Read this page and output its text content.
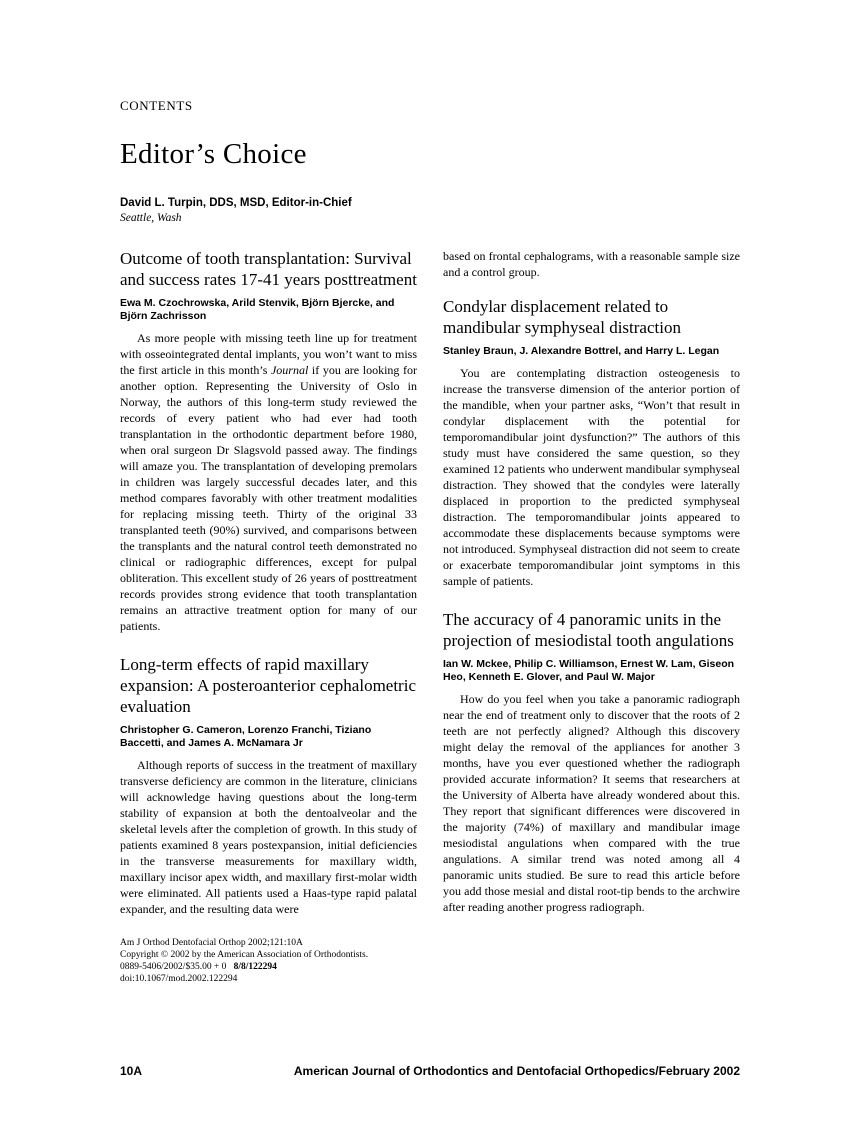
CONTENTS
Editor’s Choice
David L. Turpin, DDS, MSD, Editor-in-Chief
Seattle, Wash
Outcome of tooth transplantation: Survival and success rates 17-41 years posttreatment
Ewa M. Czochrowska, Arild Stenvik, Björn Bjercke, and Björn Zachrisson

As more people with missing teeth line up for treatment with osseointegrated dental implants, you won’t want to miss the first article in this month’s Journal if you are looking for another option. Representing the University of Oslo in Norway, the authors of this long-term study reviewed the records of every patient who had ever had tooth transplantation in the orthodontic department before 1980, when oral surgeon Dr Slagsvold passed away. The findings will amaze you. The transplantation of developing premolars in children was largely successful decades later, and this method compares favorably with other treatment modalities for replacing missing teeth. Thirty of the original 33 transplanted teeth (90%) survived, and comparisons between the transplants and the natural control teeth demonstrated no clinical or radiographic differences, except for pulpal obliteration. This excellent study of 26 years of posttreatment records provides strong evidence that tooth transplantation remains an attractive treatment option for many of our patients.

Long-term effects of rapid maxillary expansion: A posteroanterior cephalometric evaluation
Christopher G. Cameron, Lorenzo Franchi, Tiziano Baccetti, and James A. McNamara Jr

Although reports of success in the treatment of maxillary transverse deficiency are common in the literature, clinicians will acknowledge having questions about the long-term stability of expansion at both the dentoalveolar and the skeletal levels after the completion of growth. In this study of patients examined 8 years postexpansion, initial deficiencies in the transverse measurements for maxillary width, maxillary incisor apex width, and maxillary first-molar width were eliminated. All patients used a Haas-type rapid palatal expander, and the resulting data were

Am J Orthod Dentofacial Orthop 2002;121:10A
Copyright © 2002 by the American Association of Orthodontists.
0889-5406/2002/$35.00 + 0 8/8/122294
doi:10.1067/mod.2002.122294

based on frontal cephalograms, with a reasonable sample size and a control group.

Condylar displacement related to mandibular symphyseal distraction
Stanley Braun, J. Alexandre Bottrel, and Harry L. Legan

You are contemplating distraction osteogenesis to increase the transverse dimension of the anterior portion of the mandible, when your partner asks, “Won’t that result in condylar displacement with the potential for temporomandibular joint dysfunction?” The authors of this study must have considered the same question, so they examined 12 patients who underwent mandibular symphyseal distraction. They showed that the condyles were laterally displaced in proportion to the predicted symphyseal distraction. The temporomandibular joints appeared to accommodate these displacements because symptoms were not introduced. Symphyseal distraction did not seem to create or exacerbate temporomandibular joint symptoms in this sample of patients.

The accuracy of 4 panoramic units in the projection of mesiodistal tooth angulations
Ian W. Mckee, Philip C. Williamson, Ernest W. Lam, Giseon Heo, Kenneth E. Glover, and Paul W. Major

How do you feel when you take a panoramic radiograph near the end of treatment only to discover that the roots of 2 teeth are not perfectly aligned? Although this discovery might delay the removal of the appliances for another 3 months, have you ever questioned whether the radiograph provided accurate information? It seems that researchers at the University of Alberta have already wondered about this. They report that significant differences were discovered in the majority (74%) of maxillary and mandibular image mesiodistal angulations when compared with the true angulations. A similar trend was noted among all 4 panoramic units studied. Be sure to read this article before you add those mesial and distal root-tip bends to the archwire after reading another progress radiograph.

10A	American Journal of Orthodontics and Dentofacial Orthopedics/February 2002
